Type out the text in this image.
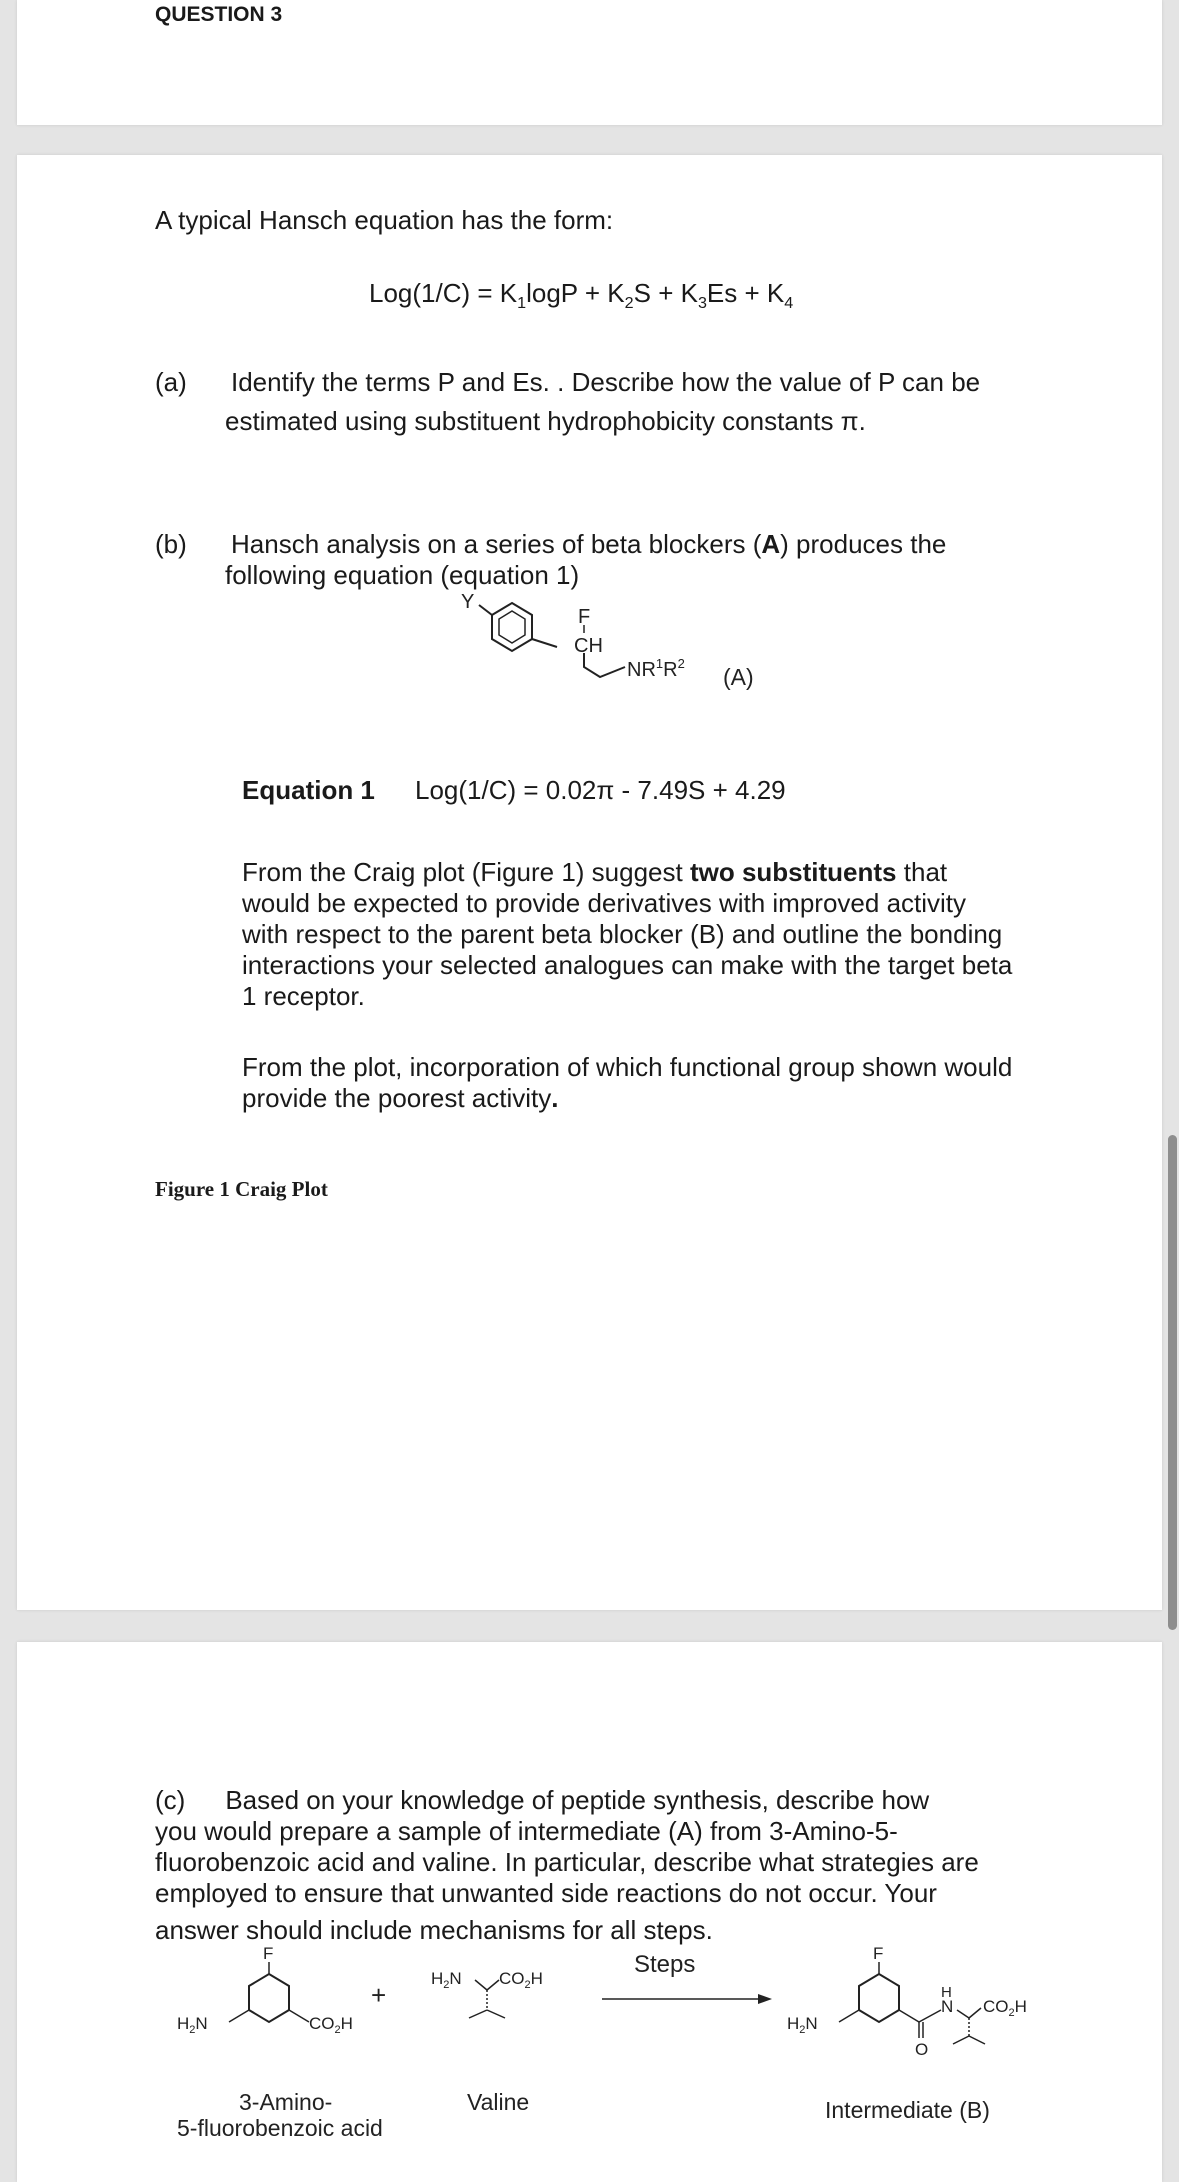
QUESTION 3
A typical Hansch equation has the form:
$Log(1/C) = K_1\log P + K_2S + K_3Es + K_4$
(a) Identify the terms P and Es. . Describe how the value of P can be
estimated using substituent hydrophobicity constants π.
(b) Hansch analysis on a series of beta blockers (A) produces the
following equation (equation 1)
Y
F
CH
$NR^1R^2$
(A)
Equation 1 Log(1/C) = 0.02π - 7.49S + 4.29
From the Craig plot (Figure 1) suggest two substituents that
would be expected to provide derivatives with improved activity
with respect to the parent beta blocker (B) and outline the bonding
interactions your selected analogues can make with the target beta
1 receptor.
From the plot, incorporation of which functional group shown would
provide the poorest activity.
Figure 1 Craig Plot
(c) Based on your knowledge of peptide synthesis, describe how
you would prepare a sample of intermediate (A) from 3-Amino-5-
fluorobenzoic acid and valine. In particular, describe what strategies are
employed to ensure that unwanted side reactions do not occur. Your
answer should include mechanisms for all steps.
F
$H_2N$	$CO_2H$
+
$H_2N$ $CO_2H$
Steps	F
$H_2N$
H
N $CO_2H$
O
3-Amino-
5-fluorobenzoic acid
Valine	Intermediate (B)
